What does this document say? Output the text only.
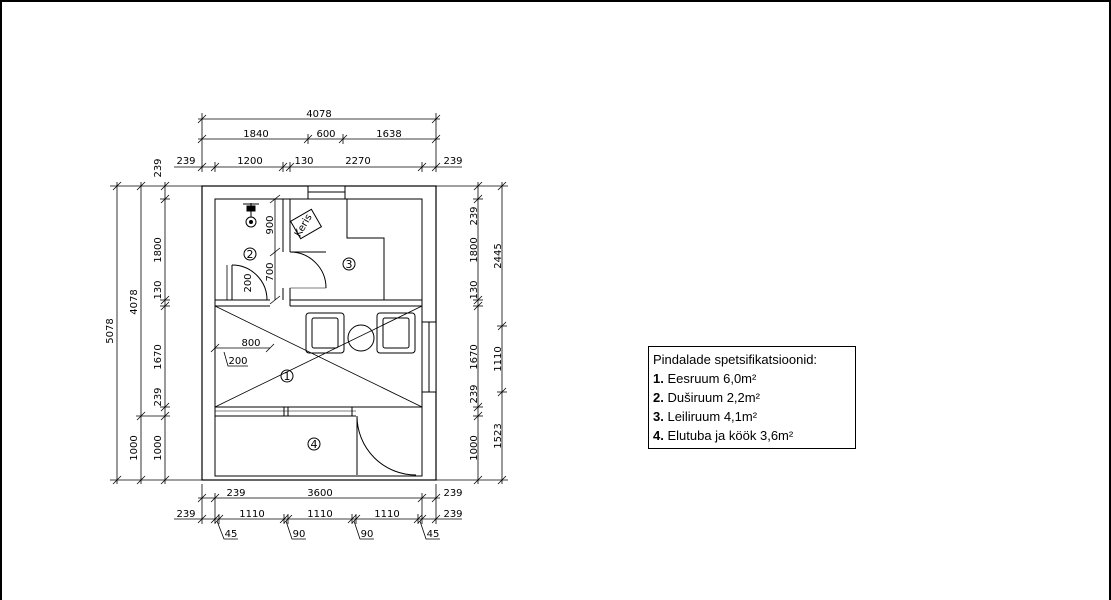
4078
1840	600	1638
239	1200	130	2270	239
5078
4078
1000
239
1800
130
1670
239
1000
239
1800
130
1670
239
1000
2445
1110
1523
239	3600	239
239	1110	1110	1110	239
45	90	90	45
900
700
200
800
200
Keris
2
3
1
4
Pindalade spetsifikatsioonid:
1. Eesruum 6,0m²
2. Duširuum 2,2m²
3. Leiliruum 4,1m²
4. Elutuba ja köök 3,6m²
